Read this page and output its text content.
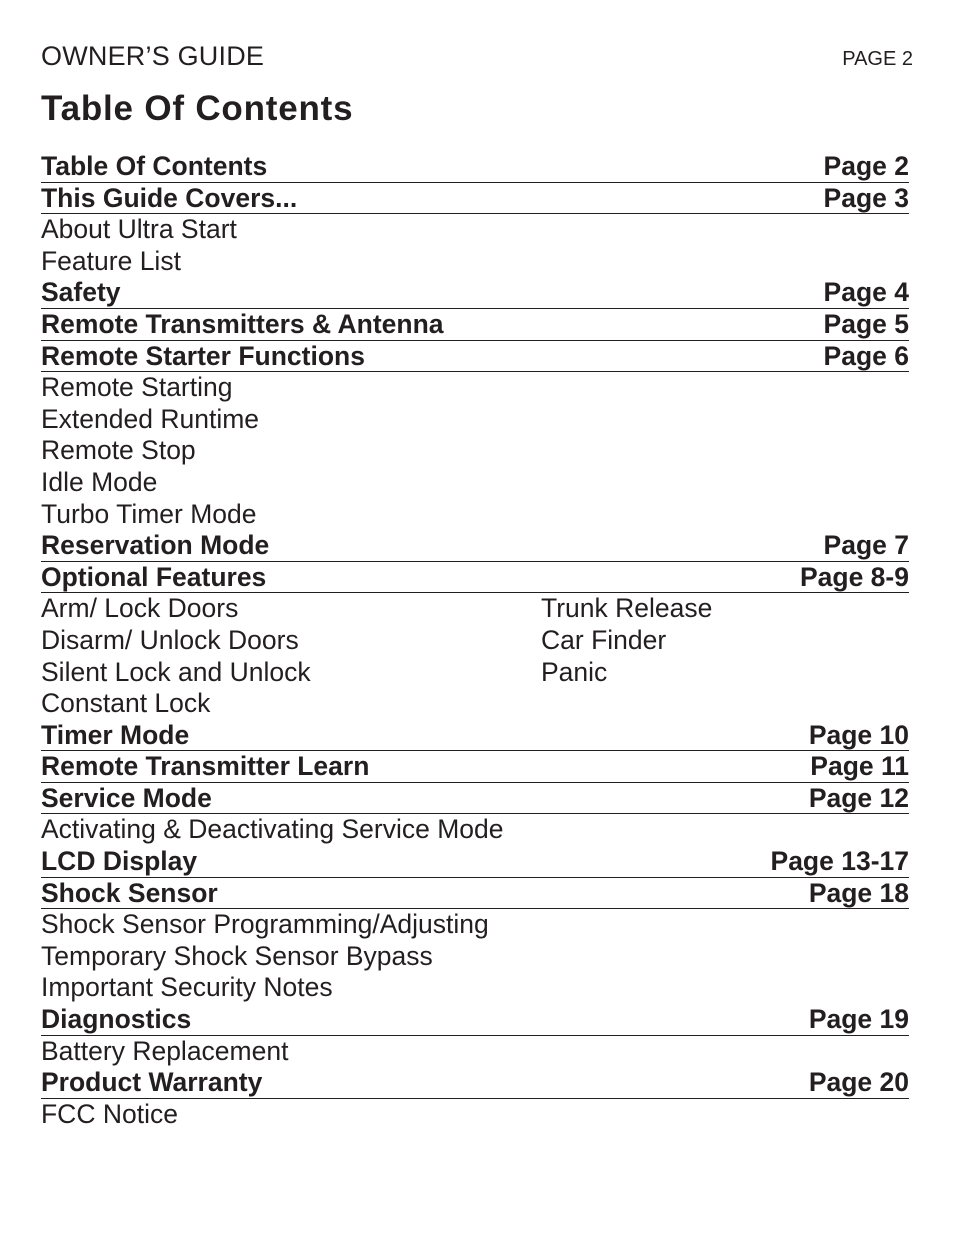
OWNER’S GUIDE	PAGE 2
Table Of Contents
Table Of Contents	Page 2
This Guide Covers...	Page 3
About Ultra Start
Feature List
Safety	Page 4
Remote Transmitters & Antenna	Page 5
Remote Starter Functions	Page 6
Remote Starting
Extended Runtime
Remote Stop
Idle Mode
Turbo Timer Mode
Reservation Mode	Page 7
Optional Features	Page 8-9
Arm/ Lock Doors	Trunk Release
Disarm/ Unlock Doors	Car Finder
Silent Lock and Unlock	Panic
Constant Lock
Timer Mode	Page 10
Remote Transmitter Learn	Page 11
Service Mode	Page 12
Activating & Deactivating Service Mode
LCD Display	Page 13-17
Shock Sensor	Page 18
Shock Sensor Programming/Adjusting
Temporary Shock Sensor Bypass
Important Security Notes
Diagnostics	Page 19
Battery Replacement
Product Warranty	Page 20
FCC Notice
